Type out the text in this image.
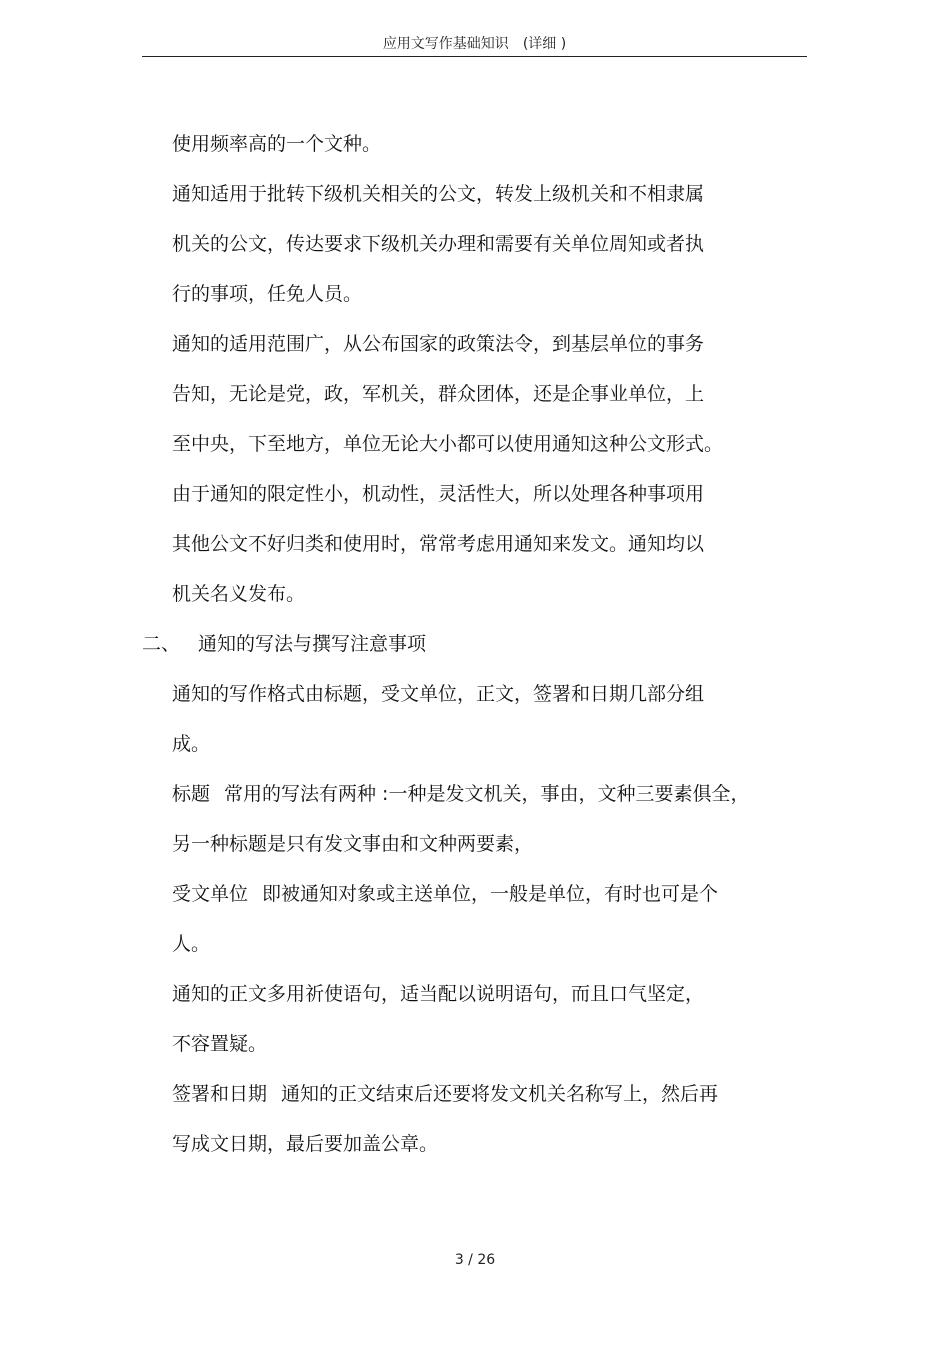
应用文写作基础知识 (详细 )
使用频率高的一个文种。
通知适用于批转下级机关相关的公文，转发上级机关和不相隶属
机关的公文，传达要求下级机关办理和需要有关单位周知或者执
行的事项，任免人员。
通知的适用范围广，从公布国家的政策法令，到基层单位的事务
告知，无论是党，政，军机关，群众团体，还是企事业单位，上
至中央，下至地方，单位无论大小都可以使用通知这种公文形式。
由于通知的限定性小，机动性，灵活性大，所以处理各种事项用
其他公文不好归类和使用时，常常考虑用通知来发文。通知均以
机关名义发布。
二、 通知的写法与撰写注意事项
通知的写作格式由标题，受文单位，正文，签署和日期几部分组
成。
标题 常用的写法有两种 :一种是发文机关，事由，文种三要素俱全，
另一种标题是只有发文事由和文种两要素，
受文单位 即被通知对象或主送单位，一般是单位，有时也可是个
人。
通知的正文多用祈使语句，适当配以说明语句，而且口气坚定，
不容置疑。
签署和日期 通知的正文结束后还要将发文机关名称写上，然后再
写成文日期，最后要加盖公章。
3 / 26
